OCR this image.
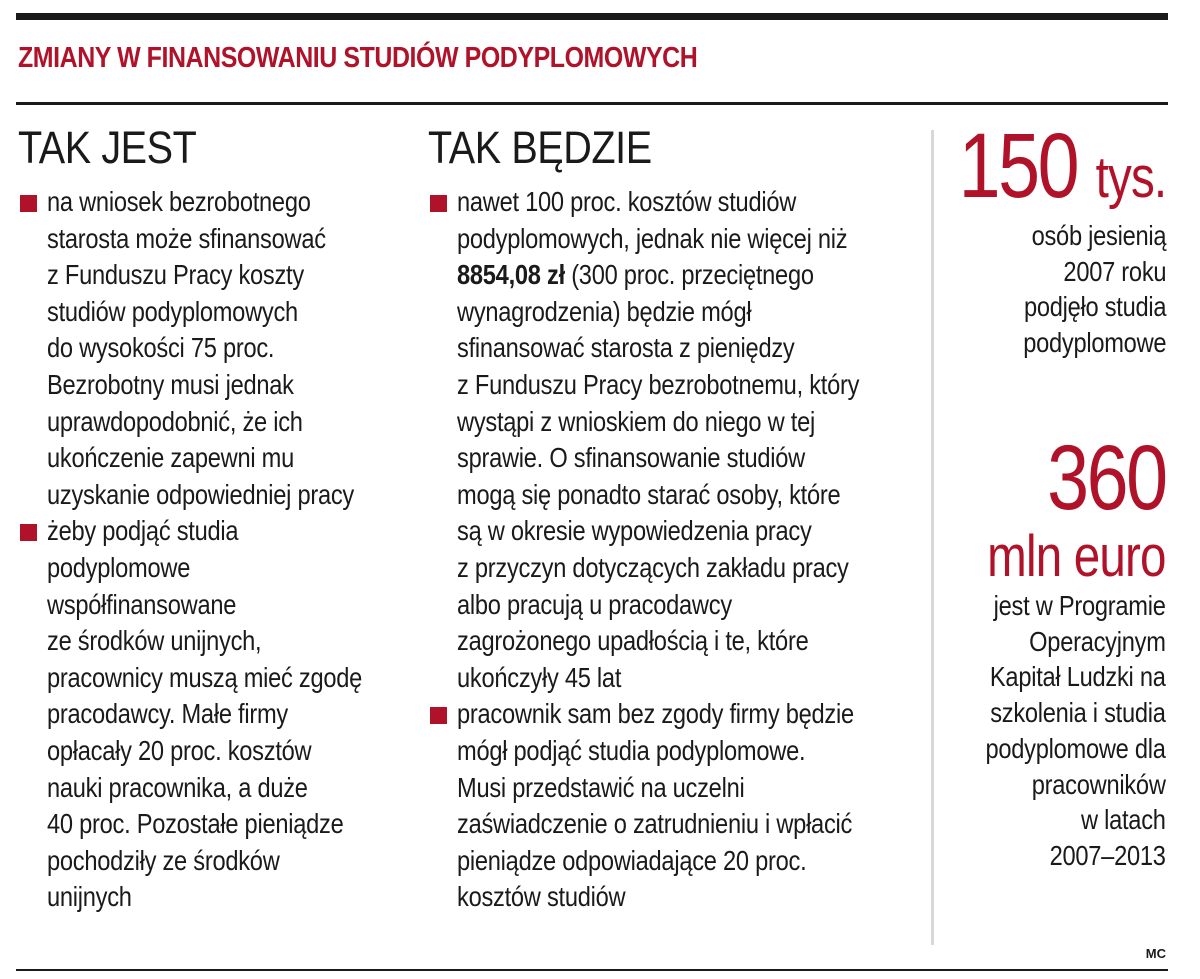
ZMIANY W FINANSOWANIU STUDIÓW PODYPLOMOWYCH
TAK JEST
na wniosek bezrobotnego
starosta może sfinansować
z Funduszu Pracy koszty
studiów podyplomowych
do wysokości 75 proc.
Bezrobotny musi jednak
uprawdopodobnić, że ich
ukończenie zapewni mu
uzyskanie odpowiedniej pracy
żeby podjąć studia
podyplomowe
współfinansowane
ze środków unijnych,
pracownicy muszą mieć zgodę
pracodawcy. Małe firmy
opłacały 20 proc. kosztów
nauki pracownika, a duże
40 proc. Pozostałe pieniądze
pochodziły ze środków
unijnych
TAK BĘDZIE
nawet 100 proc. kosztów studiów
podyplomowych, jednak nie więcej niż
8854,08 zł (300 proc. przeciętnego
wynagrodzenia) będzie mógł
sfinansować starosta z pieniędzy
z Funduszu Pracy bezrobotnemu, który
wystąpi z wnioskiem do niego w tej
sprawie. O sfinansowanie studiów
mogą się ponadto starać osoby, które
są w okresie wypowiedzenia pracy
z przyczyn dotyczących zakładu pracy
albo pracują u pracodawcy
zagrożonego upadłością i te, które
ukończyły 45 lat
pracownik sam bez zgody firmy będzie
mógł podjąć studia podyplomowe.
Musi przedstawić na uczelni
zaświadczenie o zatrudnieniu i wpłacić
pieniądze odpowiadające 20 proc.
kosztów studiów
150 tys.
osób jesienią
2007 roku
podjęło studia
podyplomowe
360
mln euro
jest w Programie
Operacyjnym
Kapitał Ludzki na
szkolenia i studia
podyplomowe dla
pracowników
w latach
2007–2013
MC
